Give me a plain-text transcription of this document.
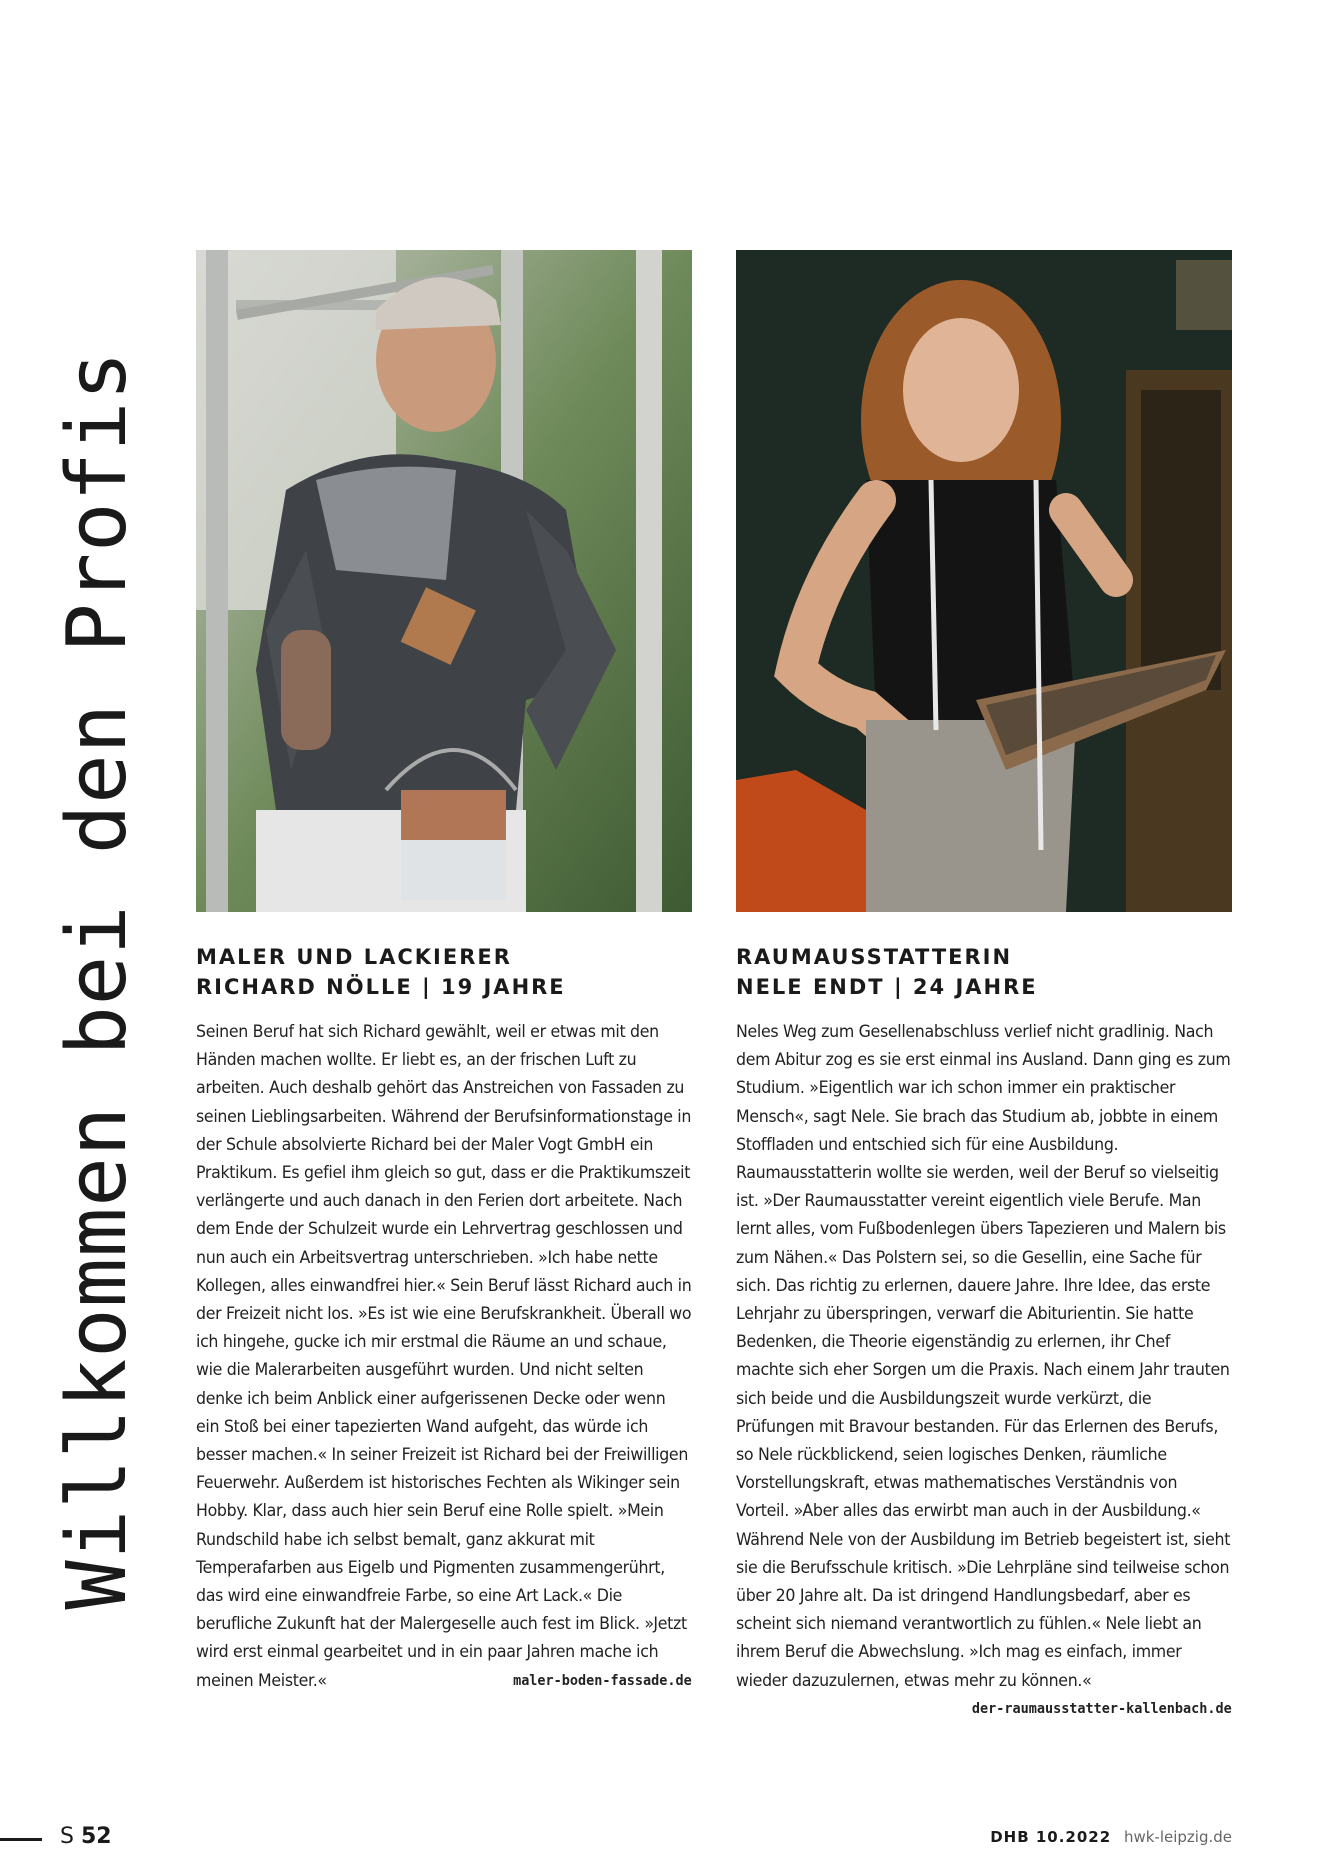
Willkommen bei den Profis MALER UND LACKIERER
RICHARD NÖLLE | 19 JAHRE
Seinen Beruf hat sich Richard gewählt, weil er etwas mit den Händen machen wollte. Er liebt es, an der frischen Luft zu arbeiten. Auch deshalb gehört das Anstreichen von Fassaden zu seinen Lieblingsarbeiten. Während der Berufsinformationstage in der Schule absolvierte Richard bei der Maler Vogt GmbH ein Praktikum. Es gefiel ihm gleich so gut, dass er die Praktikumszeit verlängerte und auch danach in den Ferien dort arbeitete. Nach dem Ende der Schulzeit wurde ein Lehrvertrag geschlossen und nun auch ein Arbeitsvertrag unterschrieben. »Ich habe nette Kollegen, alles einwandfrei hier.« Sein Beruf lässt Richard auch in der Freizeit nicht los. »Es ist wie eine Berufskrankheit. Überall wo ich hingehe, gucke ich mir erstmal die Räume an und schaue, wie die Malerarbeiten ausgeführt wurden. Und nicht selten denke ich beim Anblick einer aufgerissenen Decke oder wenn ein Stoß bei einer tapezierten Wand aufgeht, das würde ich besser machen.« In seiner Freizeit ist Richard bei der Freiwilligen Feuerwehr. Außerdem ist historisches Fechten als Wikinger sein Hobby. Klar, dass auch hier sein Beruf eine Rolle spielt. »Mein Rundschild habe ich selbst bemalt, ganz akkurat mit Temperafarben aus Eigelb und Pigmenten zusammengerührt, das wird eine einwandfreie Farbe, so eine Art Lack.« Die berufliche Zukunft hat der Malergeselle auch fest im Blick. »Jetzt wird erst einmal gearbeitet und in ein paar Jahren mache ich meinen Meister.«	maler-boden-fassade.de
RAUMAUSSTATTERIN
NELE ENDT | 24 JAHRE
Neles Weg zum Gesellenabschluss verlief nicht gradlinig. Nach dem Abitur zog es sie erst einmal ins Ausland. Dann ging es zum Studium. »Eigentlich war ich schon immer ein praktischer Mensch«, sagt Nele. Sie brach das Studium ab, jobbte in einem Stoffladen und entschied sich für eine Ausbildung. Raumausstatterin wollte sie werden, weil der Beruf so vielseitig ist. »Der Raumausstatter vereint eigentlich viele Berufe. Man lernt alles, vom Fußbodenlegen übers Tapezieren und Malern bis zum Nähen.« Das Polstern sei, so die Gesellin, eine Sache für sich. Das richtig zu erlernen, dauere Jahre. Ihre Idee, das erste Lehrjahr zu überspringen, verwarf die Abiturientin. Sie hatte Bedenken, die Theorie eigenständig zu erlernen, ihr Chef machte sich eher Sorgen um die Praxis. Nach einem Jahr trauten sich beide und die Ausbildungszeit wurde verkürzt, die Prüfungen mit Bravour bestanden. Für das Erlernen des Berufs, so Nele rückblickend, seien logisches Denken, räumliche Vorstellungskraft, etwas mathematisches Verständnis von Vorteil. »Aber alles das erwirbt man auch in der Ausbildung.« Während Nele von der Ausbildung im Betrieb begeistert ist, sieht sie die Berufsschule kritisch. »Die Lehrpläne sind teilweise schon über 20 Jahre alt. Da ist dringend Handlungsbedarf, aber es scheint sich niemand verantwortlich zu fühlen.« Nele liebt an ihrem Beruf die Abwechslung. »Ich mag es einfach, immer wieder dazuzulernen, etwas mehr zu können.«
der-raumausstatter-kallenbach.de
S 52	DHB 10.2022 hwk-leipzig.de
